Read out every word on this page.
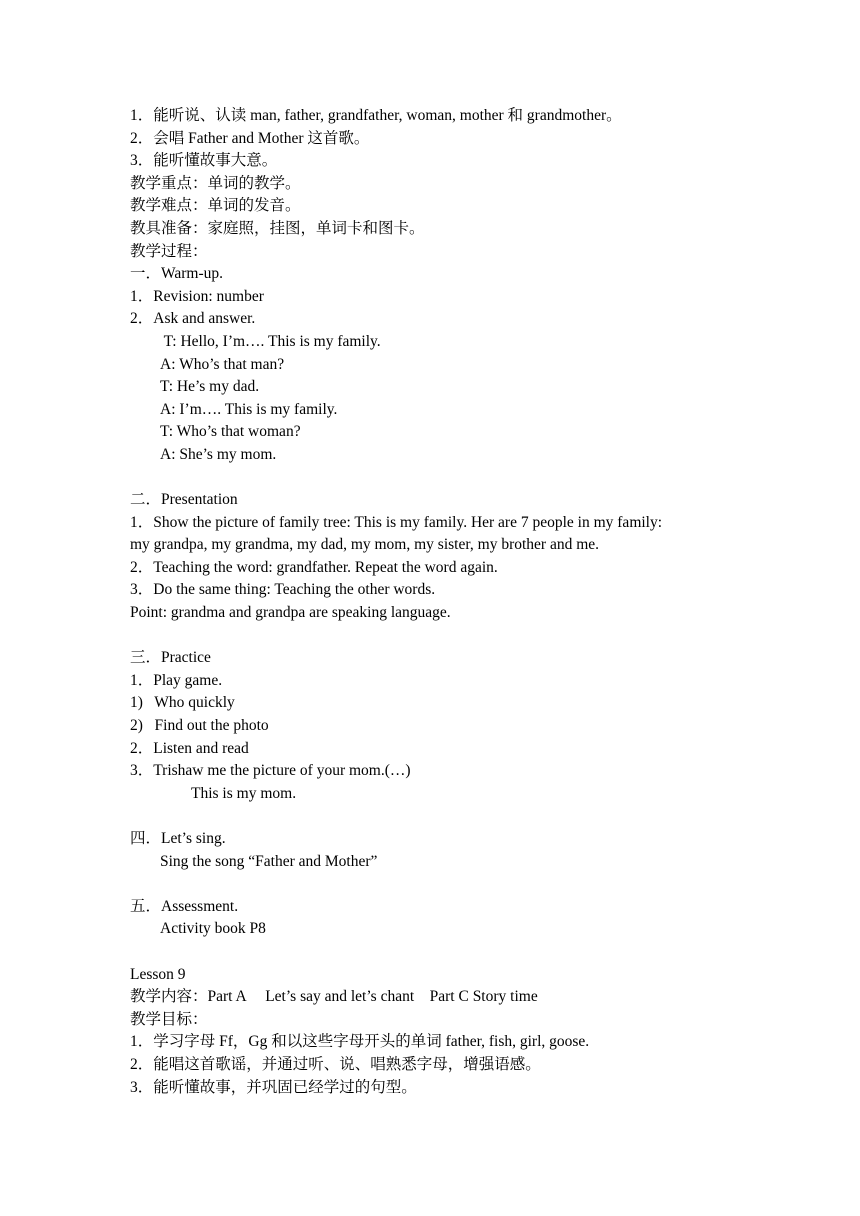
1．能听说、认读 man, father, grandfather, woman, mother 和 grandmother。
2．会唱 Father and Mother 这首歌。
3．能听懂故事大意。
教学重点：单词的教学。
教学难点：单词的发音。
教具准备：家庭照，挂图，单词卡和图卡。
教学过程：
一．Warm-up.
1．Revision: number
2．Ask and answer.
T: Hello, I’m…. This is my family.
A: Who’s that man?
T: He’s my dad.
A: I’m…. This is my family.
T: Who’s that woman?
A: She’s my mom.
二．Presentation
1．Show the picture of family tree: This is my family. Her are 7 people in my family:
my grandpa, my grandma, my dad, my mom, my sister, my brother and me.
2．Teaching the word: grandfather. Repeat the word again.
3．Do the same thing: Teaching the other words.
Point: grandma and grandpa are speaking language.
三．Practice
1．Play game.
1)   Who quickly
2)   Find out the photo
2．Listen and read
3．Trishaw me the picture of your mom.(…)
This is my mom.
四．Let’s sing.
Sing the song “Father and Mother”
五．Assessment.
Activity book P8
Lesson 9
教学内容：Part A     Let’s say and let’s chant    Part C Story time
教学目标：
1．学习字母 Ff，Gg 和以这些字母开头的单词 father, fish, girl, goose.
2．能唱这首歌谣，并通过听、说、唱熟悉字母，增强语感。
3．能听懂故事，并巩固已经学过的句型。
